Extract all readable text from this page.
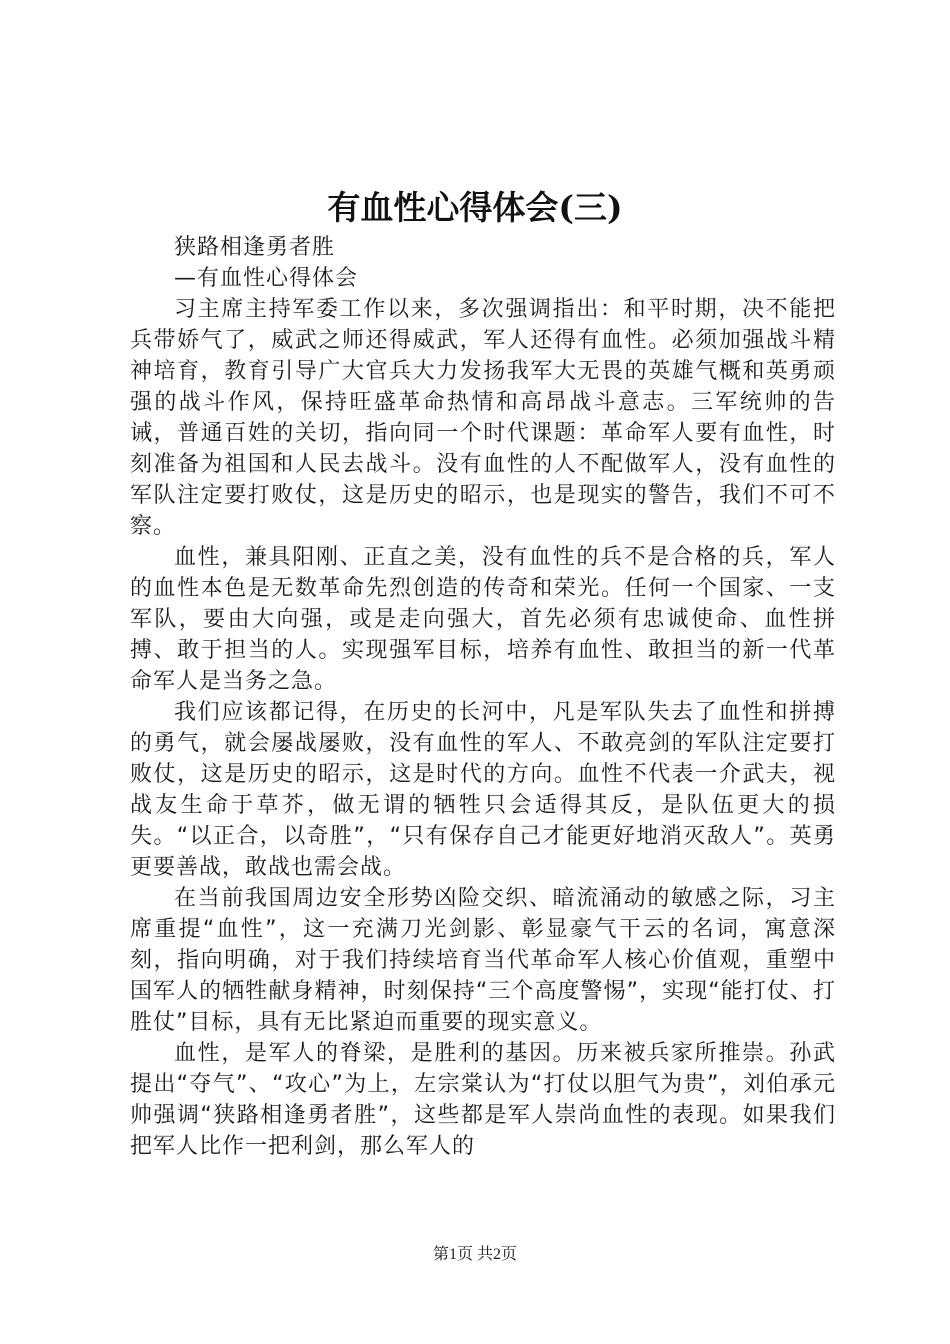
有血性心得体会(三)

狭路相逢勇者胜

—有血性心得体会

习主席主持军委工作以来，多次强调指出：和平时期，决不能把兵带娇气了，威武之师还得威武，军人还得有血性。必须加强战斗精神培育，教育引导广大官兵大力发扬我军大无畏的英雄气概和英勇顽强的战斗作风，保持旺盛革命热情和高昂战斗意志。三军统帅的告诫，普通百姓的关切，指向同一个时代课题：革命军人要有血性，时刻准备为祖国和人民去战斗。没有血性的人不配做军人，没有血性的军队注定要打败仗，这是历史的昭示，也是现实的警告，我们不可不察。

血性，兼具阳刚、正直之美，没有血性的兵不是合格的兵，军人的血性本色是无数革命先烈创造的传奇和荣光。任何一个国家、一支军队，要由大向强，或是走向强大，首先必须有忠诚使命、血性拼搏、敢于担当的人。实现强军目标，培养有血性、敢担当的新一代革命军人是当务之急。

我们应该都记得，在历史的长河中，凡是军队失去了血性和拼搏的勇气，就会屡战屡败，没有血性的军人、不敢亮剑的军队注定要打败仗，这是历史的昭示，这是时代的方向。血性不代表一介武夫，视战友生命于草芥，做无谓的牺牲只会适得其反，是队伍更大的损失。“以正合，以奇胜”，“只有保存自己才能更好地消灭敌人”。英勇更要善战，敢战也需会战。

在当前我国周边安全形势凶险交织、暗流涌动的敏感之际，习主席重提“血性”，这一充满刀光剑影、彰显豪气干云的名词，寓意深刻，指向明确，对于我们持续培育当代革命军人核心价值观，重塑中国军人的牺牲献身精神，时刻保持“三个高度警惕”，实现“能打仗、打胜仗”目标，具有无比紧迫而重要的现实意义。

血性，是军人的脊梁，是胜利的基因。历来被兵家所推崇。孙武提出“夺气”、“攻心”为上，左宗棠认为“打仗以胆气为贵”，刘伯承元帅强调“狭路相逢勇者胜”，这些都是军人崇尚血性的表现。如果我们把军人比作一把利剑，那么军人的

第1页 共2页
